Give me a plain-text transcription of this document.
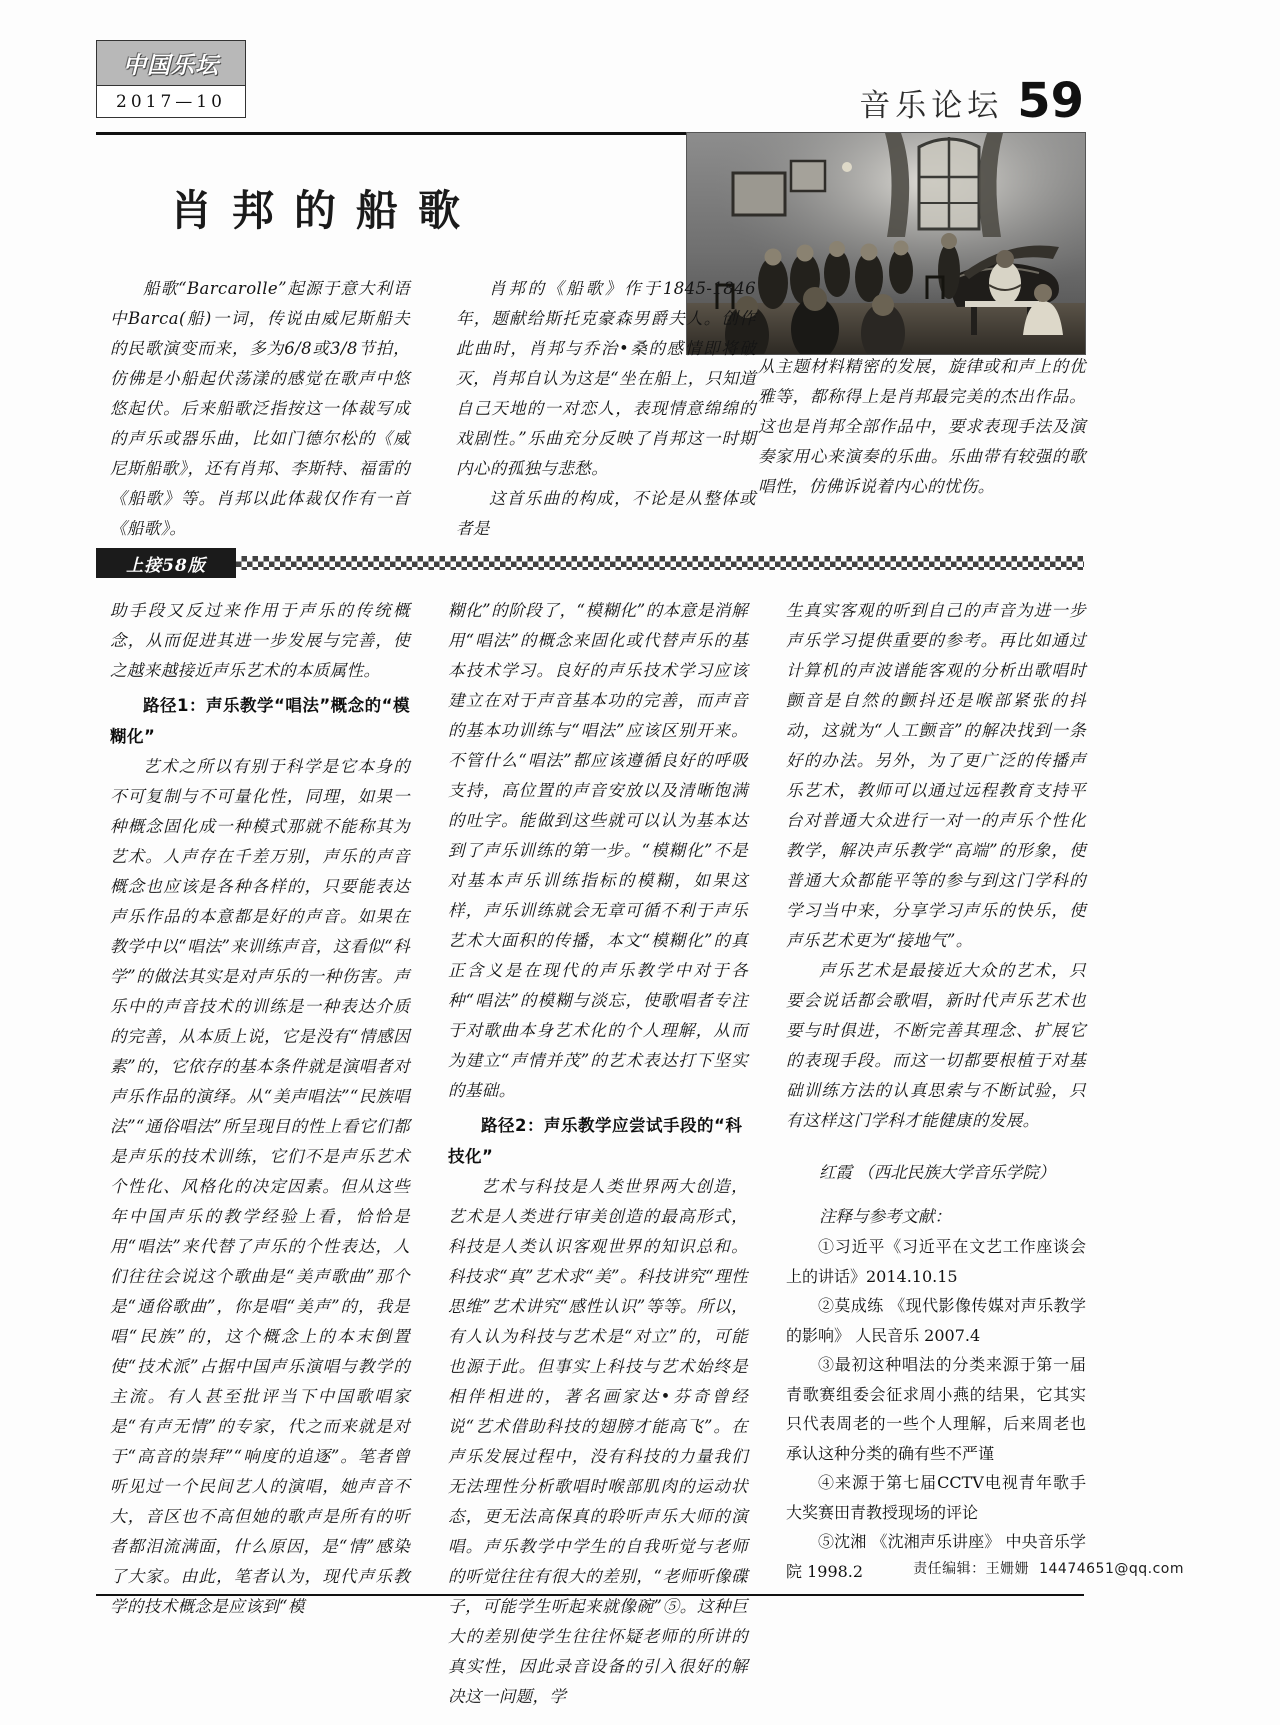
中国乐坛
2017—10	音乐论坛 59
肖邦的船歌

船歌“Barcarolle”起源于意大利语中Barca(船)一词，传说由威尼斯船夫的民歌演变而来，多为6/8或3/8节拍，仿佛是小船起伏荡漾的感觉在歌声中悠悠起伏。后来船歌泛指按这一体裁写成的声乐或器乐曲，比如门德尔松的《威尼斯船歌》，还有肖邦、李斯特、福雷的《船歌》等。肖邦以此体裁仅作有一首《船歌》。

肖邦的《船歌》作于1845-1846年，题献给斯托克豪森男爵夫人。创作此曲时，肖邦与乔治•桑的感情即将破灭，肖邦自认为这是“坐在船上，只知道自己天地的一对恋人，表现情意绵绵的戏剧性。”乐曲充分反映了肖邦这一时期内心的孤独与悲愁。

这首乐曲的构成，不论是从整体或者是

从主题材料精密的发展，旋律或和声上的优雅等，都称得上是肖邦最完美的杰出作品。这也是肖邦全部作品中，要求表现手法及演奏家用心来演奏的乐曲。乐曲带有较强的歌唱性，仿佛诉说着内心的忧伤。

上接58版

助手段又反过来作用于声乐的传统概念，从而促进其进一步发展与完善，使之越来越接近声乐艺术的本质属性。

路径1：声乐教学“唱法”概念的“模糊化”

艺术之所以有别于科学是它本身的不可复制与不可量化性，同理，如果一种概念固化成一种模式那就不能称其为艺术。人声存在千差万别，声乐的声音概念也应该是各种各样的，只要能表达声乐作品的本意都是好的声音。如果在教学中以“唱法”来训练声音，这看似“科学”的做法其实是对声乐的一种伤害。声乐中的声音技术的训练是一种表达介质的完善，从本质上说，它是没有“情感因素”的，它依存的基本条件就是演唱者对声乐作品的演绎。从“美声唱法”“民族唱法”“通俗唱法”所呈现目的性上看它们都是声乐的技术训练，它们不是声乐艺术个性化、风格化的决定因素。但从这些年中国声乐的教学经验上看，恰恰是用“唱法”来代替了声乐的个性表达，人们往往会说这个歌曲是“美声歌曲”那个是“通俗歌曲”，你是唱“美声”的，我是唱“民族”的，这个概念上的本末倒置使“技术派”占据中国声乐演唱与教学的主流。有人甚至批评当下中国歌唱家是“有声无情”的专家，代之而来就是对于“高音的崇拜”“响度的追逐”。笔者曾听见过一个民间艺人的演唱，她声音不大，音区也不高但她的歌声是所有的听者都泪流满面，什么原因，是“情”感染了大家。由此，笔者认为，现代声乐教学的技术概念是应该到“模

糊化”的阶段了，“模糊化”的本意是消解用“唱法”的概念来固化或代替声乐的基本技术学习。良好的声乐技术学习应该建立在对于声音基本功的完善，而声音的基本功训练与“唱法”应该区别开来。不管什么“唱法”都应该遵循良好的呼吸支持，高位置的声音安放以及清晰饱满的吐字。能做到这些就可以认为基本达到了声乐训练的第一步。“模糊化”不是对基本声乐训练指标的模糊，如果这样，声乐训练就会无章可循不利于声乐艺术大面积的传播，本文“模糊化”的真正含义是在现代的声乐教学中对于各种“唱法”的模糊与淡忘，使歌唱者专注于对歌曲本身艺术化的个人理解，从而为建立“声情并茂”的艺术表达打下坚实的基础。

路径2：声乐教学应尝试手段的“科技化”

艺术与科技是人类世界两大创造，艺术是人类进行审美创造的最高形式，科技是人类认识客观世界的知识总和。科技求“真”艺术求“美”。科技讲究“理性思维”艺术讲究“感性认识”等等。所以，有人认为科技与艺术是“对立”的，可能也源于此。但事实上科技与艺术始终是相伴相进的，著名画家达•芬奇曾经说“艺术借助科技的翅膀才能高飞”。在声乐发展过程中，没有科技的力量我们无法理性分析歌唱时喉部肌肉的运动状态，更无法高保真的聆听声乐大师的演唱。声乐教学中学生的自我听觉与老师的听觉往往有很大的差别，“老师听像碟子，可能学生听起来就像碗”⑤。这种巨大的差别使学生往往怀疑老师的所讲的真实性，因此录音设备的引入很好的解决这一问题，学

生真实客观的听到自己的声音为进一步声乐学习提供重要的参考。再比如通过计算机的声波谱能客观的分析出歌唱时颤音是自然的颤抖还是喉部紧张的抖动，这就为“人工颤音”的解决找到一条好的办法。另外，为了更广泛的传播声乐艺术，教师可以通过远程教育支持平台对普通大众进行一对一的声乐个性化教学，解决声乐教学“高端”的形象，使普通大众都能平等的参与到这门学科的学习当中来，分享学习声乐的快乐，使声乐艺术更为“接地气”。

声乐艺术是最接近大众的艺术，只要会说话都会歌唱，新时代声乐艺术也要与时俱进，不断完善其理念、扩展它的表现手段。而这一切都要根植于对基础训练方法的认真思索与不断试验，只有这样这门学科才能健康的发展。

红霞 （西北民族大学音乐学院）
注释与参考文献：

①习近平《习近平在文艺工作座谈会上的讲话》2014.10.15

②莫成练 《现代影像传媒对声乐教学的影响》 人民音乐 2007.4

③最初这种唱法的分类来源于第一届青歌赛组委会征求周小燕的结果，它其实只代表周老的一些个人理解，后来周老也承认这种分类的确有些不严谨

④来源于第七届CCTV电视青年歌手大奖赛田青教授现场的评论

⑤沈湘 《沈湘声乐讲座》 中央音乐学院 1998.2	责任编辑：王姗姗 14474651@qq.com
